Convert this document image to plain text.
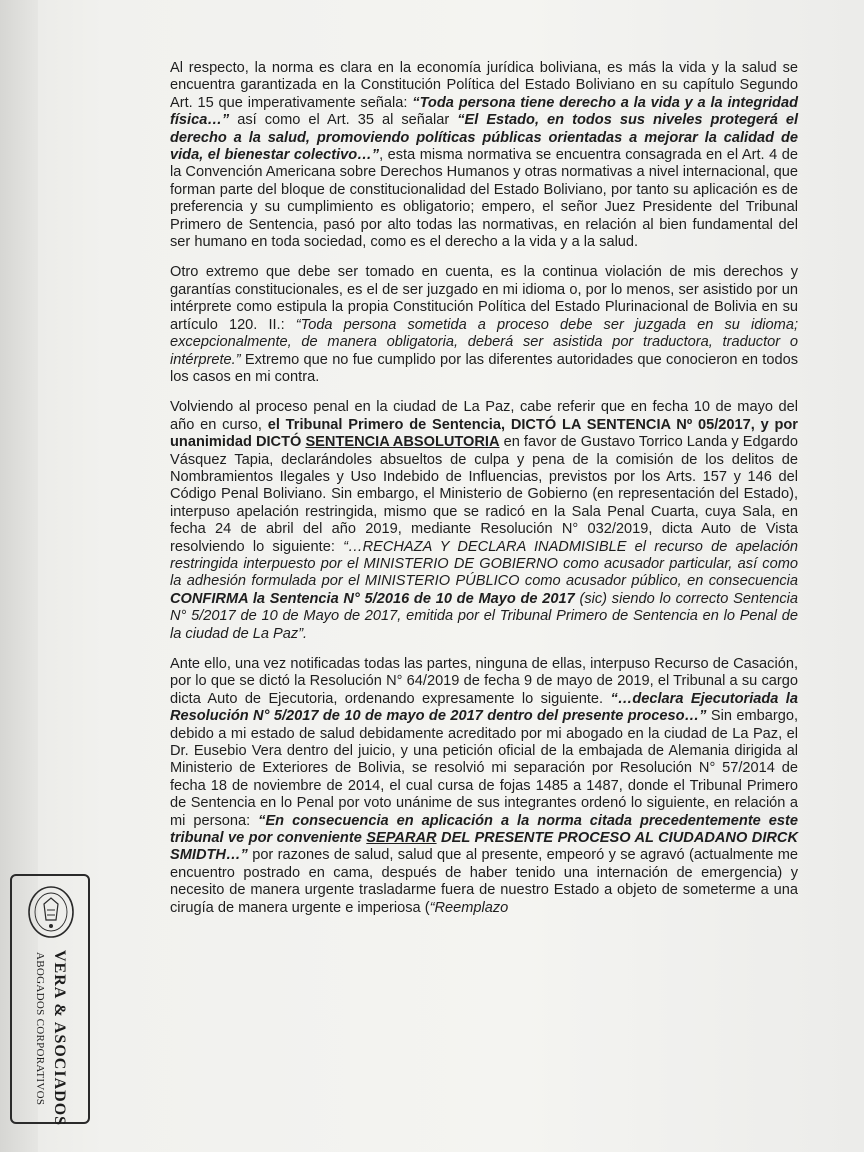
Al respecto, la norma es clara en la economía jurídica boliviana, es más la vida y la salud se encuentra garantizada en la Constitución Política del Estado Boliviano en su capítulo Segundo Art. 15 que imperativamente señala: “Toda persona tiene derecho a la vida y a la integridad física…” así como el Art. 35 al señalar “El Estado, en todos sus niveles protegerá el derecho a la salud, promoviendo políticas públicas orientadas a mejorar la calidad de vida, el bienestar colectivo…”, esta misma normativa se encuentra consagrada en el Art. 4 de la Convención Americana sobre Derechos Humanos y otras normativas a nivel internacional, que forman parte del bloque de constitucionalidad del Estado Boliviano, por tanto su aplicación es de preferencia y su cumplimiento es obligatorio; empero, el señor Juez Presidente del Tribunal Primero de Sentencia, pasó por alto todas las normativas, en relación al bien fundamental del ser humano en toda sociedad, como es el derecho a la vida y a la salud.

Otro extremo que debe ser tomado en cuenta, es la continua violación de mis derechos y garantías constitucionales, es el de ser juzgado en mi idioma o, por lo menos, ser asistido por un intérprete como estipula la propia Constitución Política del Estado Plurinacional de Bolivia en su artículo 120. II.: “Toda persona sometida a proceso debe ser juzgada en su idioma; excepcionalmente, de manera obligatoria, deberá ser asistida por traductora, traductor o intérprete.” Extremo que no fue cumplido por las diferentes autoridades que conocieron en todos los casos en mi contra.

Volviendo al proceso penal en la ciudad de La Paz, cabe referir que en fecha 10 de mayo del año en curso, el Tribunal Primero de Sentencia, DICTÓ LA SENTENCIA Nº 05/2017, y por unanimidad DICTÓ SENTENCIA ABSOLUTORIA en favor de Gustavo Torrico Landa y Edgardo Vásquez Tapia, declarándoles absueltos de culpa y pena de la comisión de los delitos de Nombramientos Ilegales y Uso Indebido de Influencias, previstos por los Arts. 157 y 146 del Código Penal Boliviano. Sin embargo, el Ministerio de Gobierno (en representación del Estado), interpuso apelación restringida, mismo que se radicó en la Sala Penal Cuarta, cuya Sala, en fecha 24 de abril del año 2019, mediante Resolución N° 032/2019, dicta Auto de Vista resolviendo lo siguiente: “…RECHAZA Y DECLARA INADMISIBLE el recurso de apelación restringida interpuesto por el MINISTERIO DE GOBIERNO como acusador particular, así como la adhesión formulada por el MINISTERIO PÚBLICO como acusador público, en consecuencia CONFIRMA la Sentencia N° 5/2016 de 10 de Mayo de 2017 (sic) siendo lo correcto Sentencia N° 5/2017 de 10 de Mayo de 2017, emitida por el Tribunal Primero de Sentencia en lo Penal de la ciudad de La Paz”.

Ante ello, una vez notificadas todas las partes, ninguna de ellas, interpuso Recurso de Casación, por lo que se dictó la Resolución N° 64/2019 de fecha 9 de mayo de 2019, el Tribunal a su cargo dicta Auto de Ejecutoria, ordenando expresamente lo siguiente. “…declara Ejecutoriada la Resolución N° 5/2017 de 10 de mayo de 2017 dentro del presente proceso…” Sin embargo, debido a mi estado de salud debidamente acreditado por mi abogado en la ciudad de La Paz, el Dr. Eusebio Vera dentro del juicio, y una petición oficial de la embajada de Alemania dirigida al Ministerio de Exteriores de Bolivia, se resolvió mi separación por Resolución N° 57/2014 de fecha 18 de noviembre de 2014, el cual cursa de fojas 1485 a 1487, donde el Tribunal Primero de Sentencia en lo Penal por voto unánime de sus integrantes ordenó lo siguiente, en relación a mi persona: “En consecuencia en aplicación a la norma citada precedentemente este tribunal ve por conveniente SEPARAR DEL PRESENTE PROCESO AL CIUDADANO DIRCK SMIDTH…” por razones de salud, salud que al presente, empeoró y se agravó (actualmente me encuentro postrado en cama, después de haber tenido una internación de emergencia) y necesito de manera urgente trasladarme fuera de nuestro Estado a objeto de someterme a una cirugía de manera urgente e imperiosa (“Reemplazo

VERA & ASOCIADOS
ABOGADOS CORPORATIVOS
